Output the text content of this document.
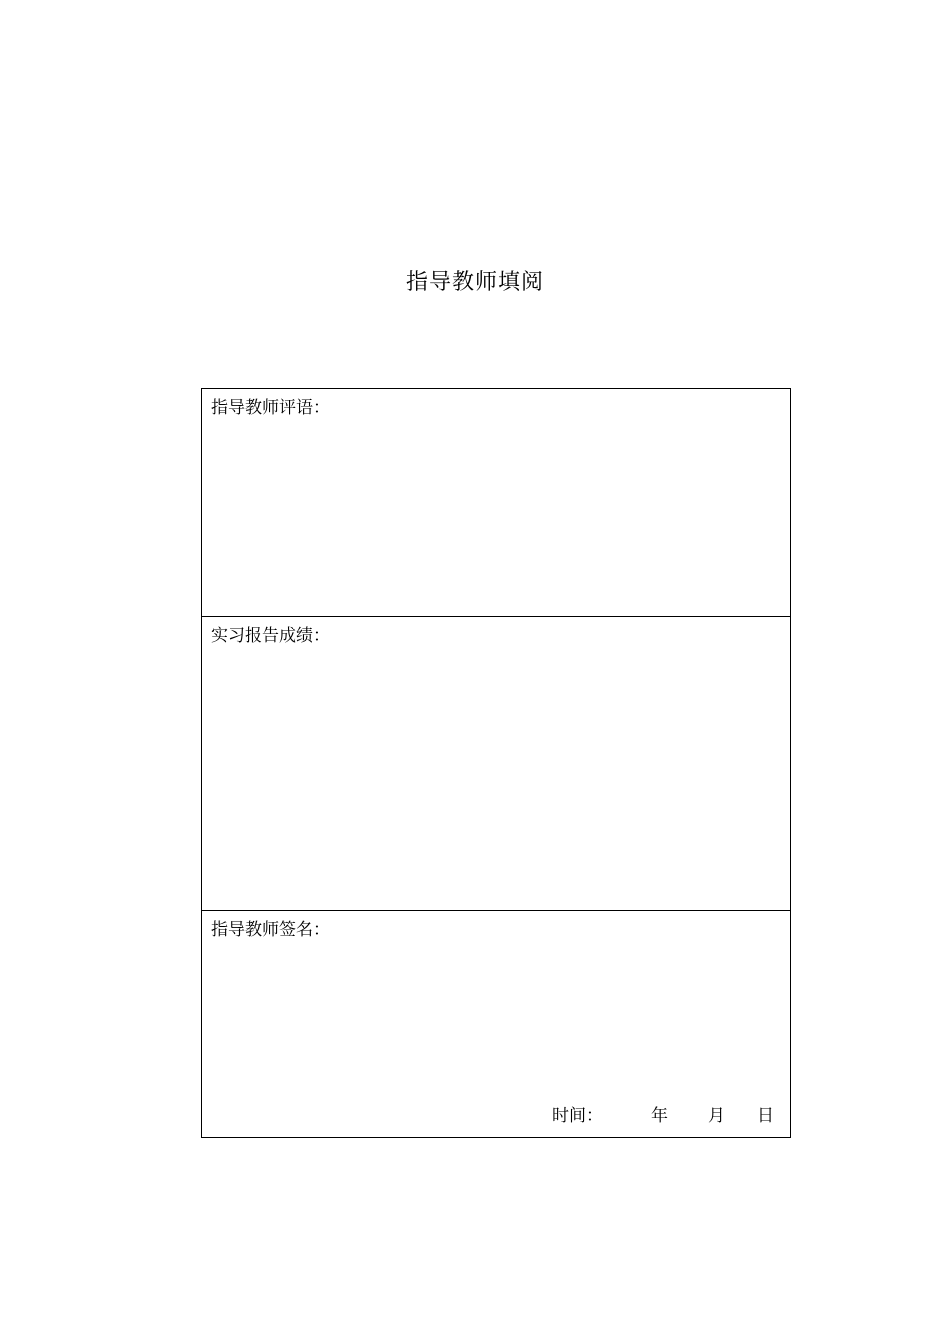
指导教师填阅
指导教师评语：
实习报告成绩：
指导教师签名：
时间：	年 月 日
